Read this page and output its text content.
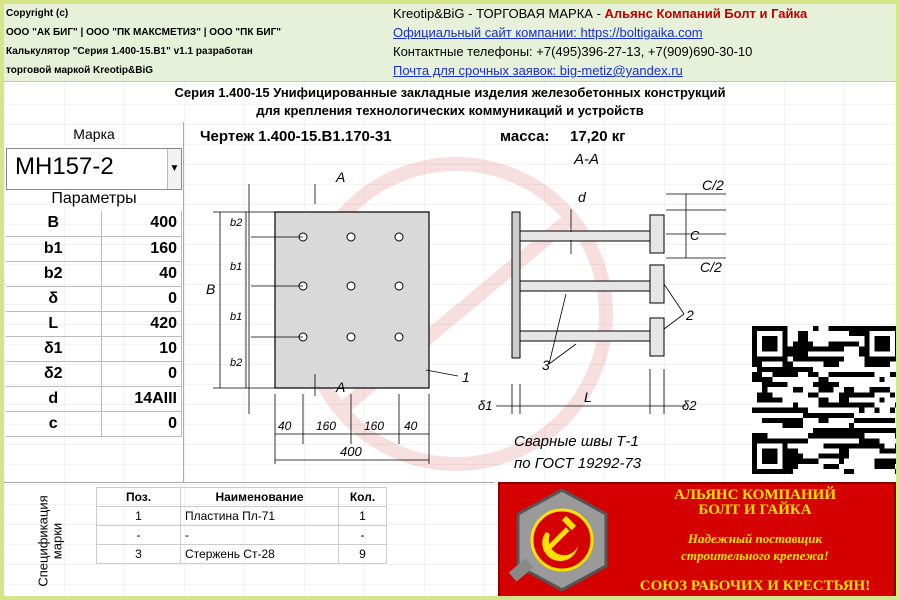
Copyright (c)
ООО "АК БИГ" | ООО "ПК МАКСМЕТИЗ" | ООО "ПК БИГ"
Калькулятор "Серия 1.400-15.В1" v1.1 разработан
торговой маркой Kreotip&BiG
Kreotip&BiG - ТОРГОВАЯ МАРКА - Альянс Компаний Болт и Гайка
Официальный сайт компании: https://boltigaika.com
Контактные телефоны: +7(495)396-27-13, +7(909)690-30-10
Почта для срочных заявок: big-metiz@yandex.ru
Серия 1.400-15 Унифицированные закладные изделия железобетонных конструкций
для крепления технологических коммуникаций и устройств
Марка
МН157-2	▼
Параметры
B	400
b1	160
b2	40
δ	0
L	420
δ1	10
δ2	0
d	14AIII
c	0
Чертеж 1.400-15.В1.170-31	масса: 17,20 кг
А
А
B
b1
b1
b2
b2
40 160 160 40
400
1
А-А
d
С/2
С
С/2
2
3
δ1
L
δ2
Сварные швы Т-1
по ГОСТ 19292-73
Спецификация
марки
Поз.	Наименование	Кол.
1	Пластина Пл-71	1
-	-	-
3	Стержень Ст-28	9
АЛЬЯНС КОМПАНИЙ
БОЛТ И ГАЙКА
Надежный поставщик
строительного крепежа!
СОЮЗ РАБОЧИХ И КРЕСТЬЯН!
